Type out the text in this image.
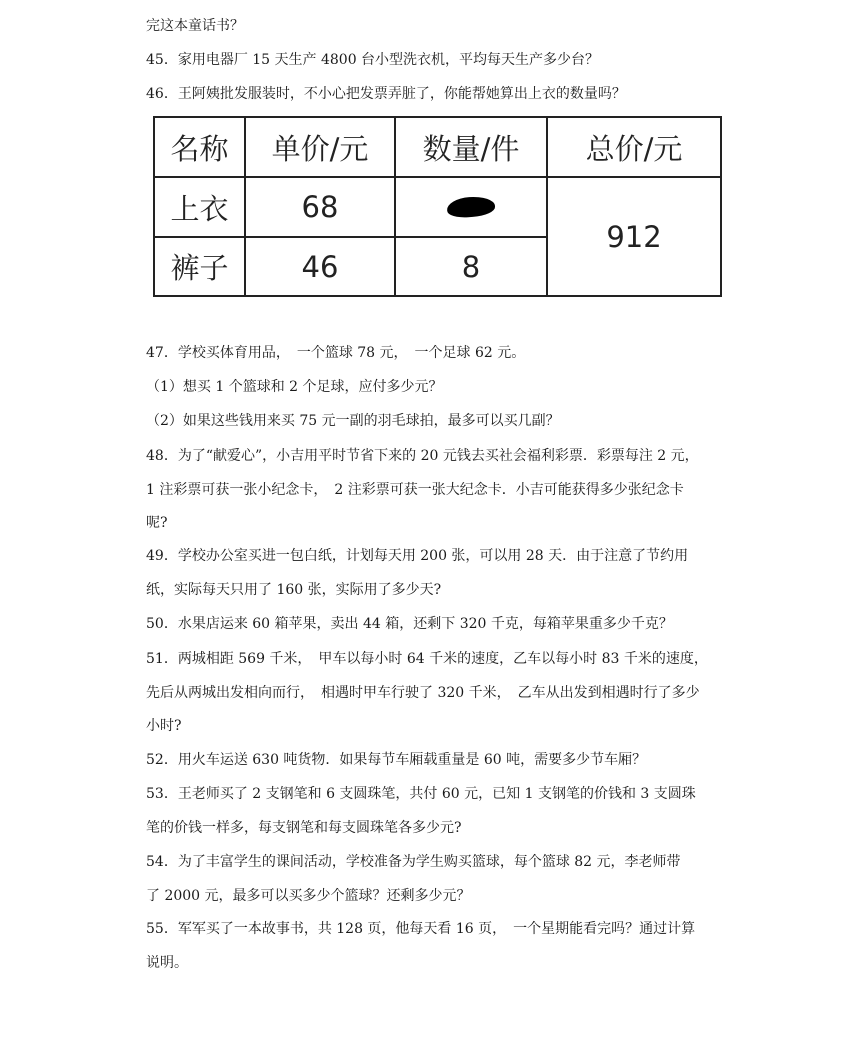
完这本童话书？
45．家用电器厂 15 天生产 4800 台小型洗衣机，平均每天生产多少台？
46．王阿姨批发服装时，不小心把发票弄脏了，你能帮她算出上衣的数量吗？
名称	单价/元	数量/件	总价/元
上衣	68		912
裤子	46	8	
47．学校买体育用品，　一个篮球 78 元，　一个足球 62 元。
（1）想买 1 个篮球和 2 个足球，应付多少元？
（2）如果这些钱用来买 75 元一副的羽毛球拍，最多可以买几副？
48．为了“献爱心”，小吉用平时节省下来的 20 元钱去买社会福利彩票．彩票每注 2 元，
1 注彩票可获一张小纪念卡，　2 注彩票可获一张大纪念卡．小吉可能获得多少张纪念卡
呢?
49．学校办公室买进一包白纸，计划每天用 200 张，可以用 28 天．由于注意了节约用
纸，实际每天只用了 160 张，实际用了多少天?
50．水果店运来 60 箱苹果，卖出 44 箱，还剩下 320 千克，每箱苹果重多少千克？
51．两城相距 569 千米，　甲车以每小时 64 千米的速度，乙车以每小时 83 千米的速度，
先后从两城出发相向而行，　相遇时甲车行驶了 320 千米，　乙车从出发到相遇时行了多少
小时?
52．用火车运送 630 吨货物．如果每节车厢载重量是 60 吨，需要多少节车厢？
53．王老师买了 2 支钢笔和 6 支圆珠笔，共付 60 元，已知 1 支钢笔的价钱和 3 支圆珠
笔的价钱一样多，每支钢笔和每支圆珠笔各多少元?
54．为了丰富学生的课间活动，学校准备为学生购买篮球，每个篮球 82 元，李老师带
了 2000 元，最多可以买多少个篮球？还剩多少元？
55．军军买了一本故事书，共 128 页，他每天看 16 页，　一个星期能看完吗？通过计算
说明。
